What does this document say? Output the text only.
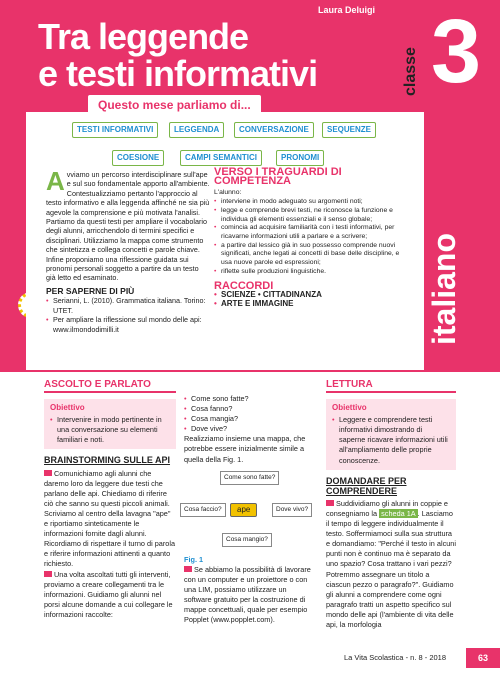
Laura Deluigi
Tra leggende
e testi informativi 3
classe
italiano
Questo mese parliamo di...
TESTI INFORMATIVI	LEGGENDA	CONVERSAZIONE	SEQUENZE
COESIONE	CAMPI SEMANTICI	PRONOMI
A vviamo un percorso interdisciplinare sull'ape e sul suo fondamentale apporto all'ambiente. Contestualizziamo pertanto l'approccio al testo informativo e alla leggenda affinché ne sia più agevole la comprensione e più motivata l'analisi. Partiamo da questi testi per ampliare il vocabolario degli alunni, arricchendolo di termini specifici e disciplinari. Utilizziamo la mappa come strumento che sintetizza e collega concetti e parole chiave. Infine proponiamo una riflessione guidata sui pronomi personali soggetto a partire da un testo già letto ed esaminato.
PER SAPERNE DI PIÙ
• Serianni, L. (2010). Grammatica italiana. Torino: UTET.
• Per ampliare la riflessione sul mondo delle api: www.ilmondodimilli.it
VERSO I TRAGUARDI DI COMPETENZA
L'alunno:
• interviene in modo adeguato su argomenti noti;
• legge e comprende brevi testi, ne riconosce la funzione e individua gli elementi essenziali e il senso globale;
• comincia ad acquisire familiarità con i testi informativi, per ricavarne informazioni utili a parlare e a scrivere;
• a partire dal lessico già in suo possesso comprende nuovi significati, anche legati ai concetti di base delle discipline, e usa nuove parole ed espressioni;
• riflette sulle produzioni linguistiche.
RACCORDI
• SCIENZE • CITTADINANZA
• ARTE E IMMAGINE
ASCOLTO E PARLATO
Obiettivo
• Intervenire in modo pertinente in una conversazione su elementi familiari e noti.
BRAINSTORMING SULLE API
Comunichiamo agli alunni che daremo loro da leggere due testi che parlano delle api. Chiediamo di riferire ciò che sanno su questi piccoli animali. Scriviamo al centro della lavagna "ape" e riportiamo sinteticamente le informazioni fornite dagli alunni. Ricordiamo di rispettare il turno di parola e riferire informazioni attinenti a quanto richiesto.
Una volta ascoltati tutti gli interventi, proviamo a creare collegamenti tra le informazioni. Guidiamo gli alunni nel porsi alcune domande a cui collegare le informazioni raccolte:
• Come sono fatte?
• Cosa fanno?
• Cosa mangia?
• Dove vive?
Realizziamo insieme una mappa, che potrebbe essere inizialmente simile a quella della Fig. 1.
Come sono fatte?
Cosa faccio?	ape	Dove vivo?
Cosa mangio?
Fig. 1
Se abbiamo la possibilità di lavorare con un computer e un proiettore o con una LIM, possiamo utilizzare un software gratuito per la costruzione di mappe concettuali, quale per esempio Popplet (www.popplet.com).
LETTURA
Obiettivo
• Leggere e comprendere testi informativi dimostrando di saperne ricavare informazioni utili all'ampliamento delle proprie conoscenze.
DOMANDARE PER COMPRENDERE
Suddividiamo gli alunni in coppie e consegniamo la scheda 1A . Lasciamo il tempo di leggere individualmente il testo. Soffermiamoci sulla sua struttura e domandiamo: "Perché il testo in alcuni punti non è continuo ma è separato da uno spazio? Cosa trattano i vari pezzi? Potremmo assegnare un titolo a ciascun pezzo o paragrafo?". Guidiamo gli alunni a comprendere come ogni paragrafo tratti un aspetto specifico sul mondo delle api (l'ambiente di vita delle api, la morfologia
La Vita Scolastica - n. 8 - 2018	63
